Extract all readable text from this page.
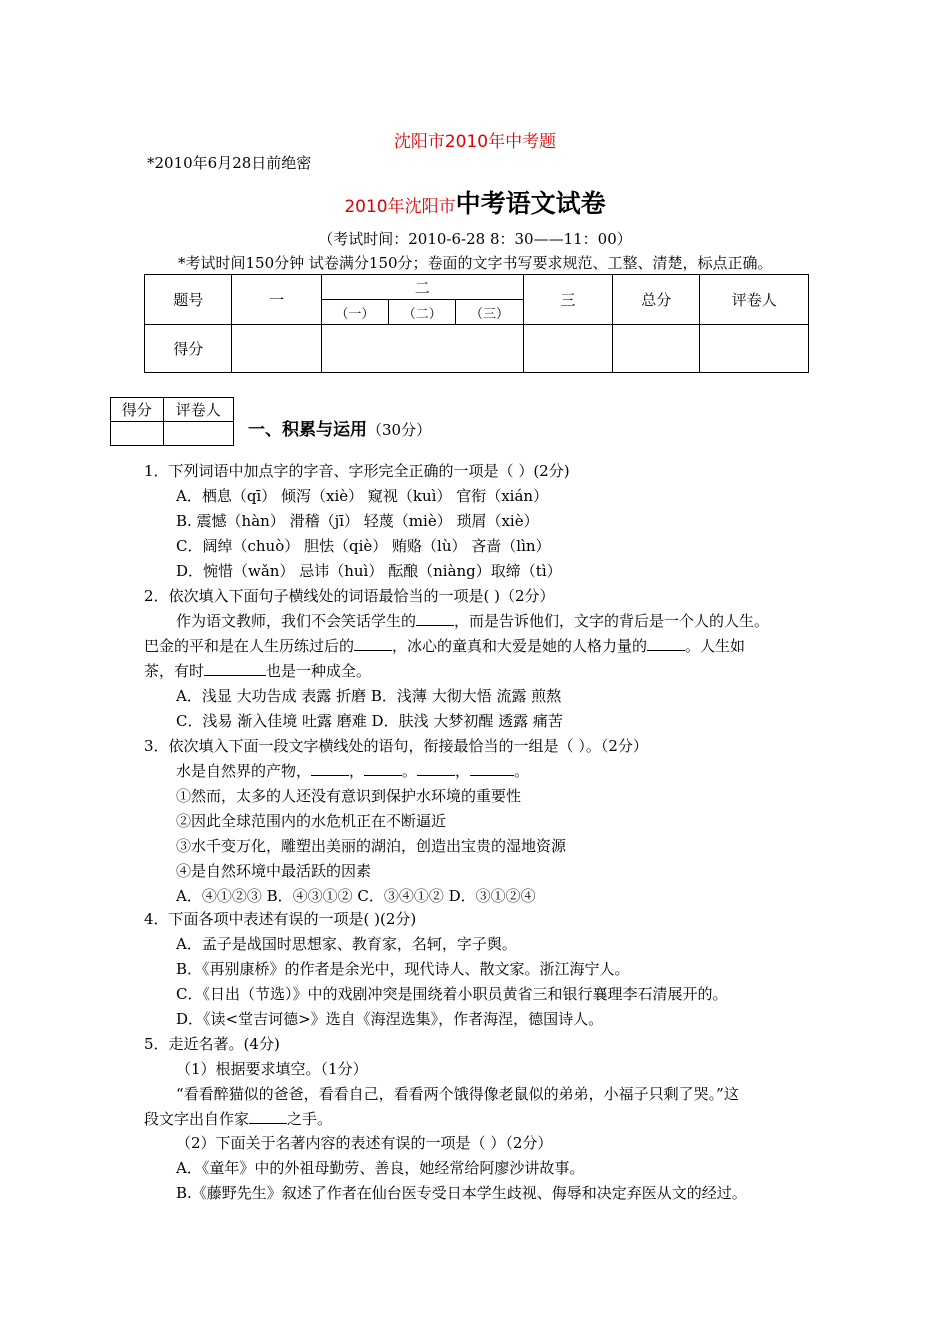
沈阳市2010年中考题
*2010年6月28日前绝密
2010年沈阳市中考语文试卷
（考试时间：2010-6-28 8：30——11：00）
*考试时间150分钟 试卷满分150分；卷面的文字书写要求规范、工整、清楚，标点正确。
题号	一	二			三	总分	评卷人
		（一）	（二）	（三）			
得分							
得分	评卷人

一、积累与运用（30分）
1．下列词语中加点字的字音、字形完全正确的一项是（ ）(2分)
A．栖息（qī） 倾泻（xiè） 窥视（kuì） 官衔（xián）
B. 震憾（hàn） 滑稽（jī） 轻蔑（miè） 琐屑（xiè）
C．阔绰（chuò） 胆怯（qiè） 贿赂（lù） 吝啬（lìn）
D．惋惜（wǎn） 忌讳（huì） 酝酿（niàng）取缔（tì）
2．依次填入下面句子横线处的词语最恰当的一项是( )（2分）
作为语文教师，我们不会笑话学生的	，而是告诉他们，文字的背后是一个人的人生。
巴金的平和是在人生历练过后的	，冰心的童真和大爱是她的人格力量的	。人生如
茶，有时	也是一种成全。
A．浅显 大功告成 表露 折磨 B．浅薄 大彻大悟 流露 煎熬
C．浅易 渐入佳境 吐露 磨难 D．肤浅 大梦初醒 透露 痛苦
3．依次填入下面一段文字横线处的语句，衔接最恰当的一组是（ ）。（2分）
水是自然界的产物，	，	。	，	。
①然而，太多的人还没有意识到保护水环境的重要性
②因此全球范围内的水危机正在不断逼近
③水千变万化，雕塑出美丽的湖泊，创造出宝贵的湿地资源
④是自然环境中最活跃的因素
A．④①②③ B．④③①② C．③④①② D．③①②④
4．下面各项中表述有误的一项是( )(2分)
A．孟子是战国时思想家、教育家，名轲，字子舆。
B．《再别康桥》的作者是余光中，现代诗人、散文家。浙江海宁人。
C．《日出（节选）》中的戏剧冲突是围绕着小职员黄省三和银行襄理李石清展开的。
D．《读<堂吉诃德>》选自《海涅选集》，作者海涅，德国诗人。
5．走近名著。(4分)
（1）根据要求填空。（1分）
“看看醉猫似的爸爸，看看自己，看看两个饿得像老鼠似的弟弟，小福子只剩了哭。”这
段文字出自作家	之手。
（2）下面关于名著内容的表述有误的一项是（ ）（2分）
A．《童年》中的外祖母勤劳、善良，她经常给阿廖沙讲故事。
B.《藤野先生》叙述了作者在仙台医专受日本学生歧视、侮辱和决定弃医从文的经过。
